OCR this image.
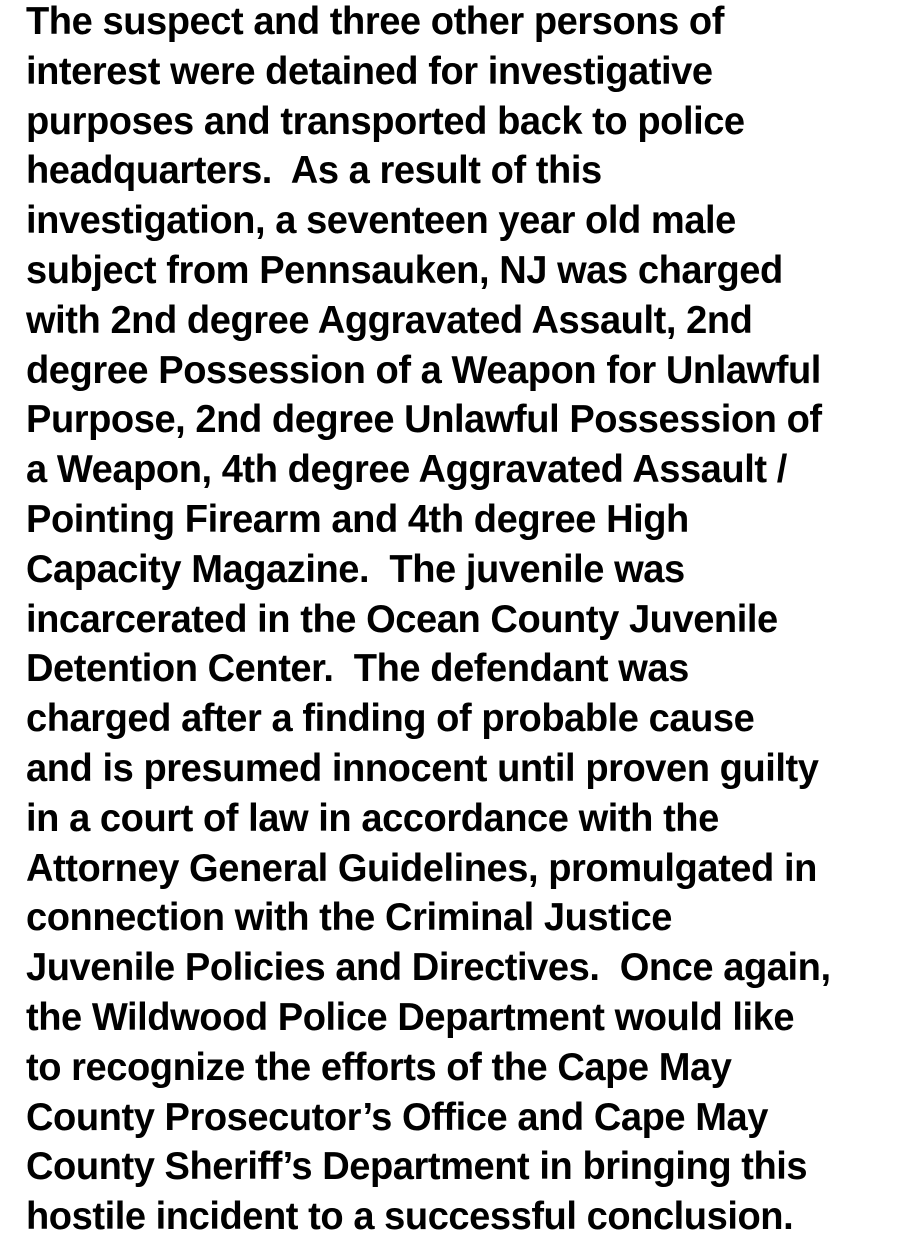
The suspect and three other persons of
interest were detained for investigative
purposes and transported back to police
headquarters.  As a result of this
investigation, a seventeen year old male
subject from Pennsauken, NJ was charged
with 2nd degree Aggravated Assault, 2nd
degree Possession of a Weapon for Unlawful
Purpose, 2nd degree Unlawful Possession of
a Weapon, 4th degree Aggravated Assault /
Pointing Firearm and 4th degree High
Capacity Magazine.  The juvenile was
incarcerated in the Ocean County Juvenile
Detention Center.  The defendant was
charged after a finding of probable cause
and is presumed innocent until proven guilty
in a court of law in accordance with the
Attorney General Guidelines, promulgated in
connection with the Criminal Justice
Juvenile Policies and Directives.  Once again,
the Wildwood Police Department would like
to recognize the efforts of the Cape May
County Prosecutor’s Office and Cape May
County Sheriff’s Department in bringing this
hostile incident to a successful conclusion.
